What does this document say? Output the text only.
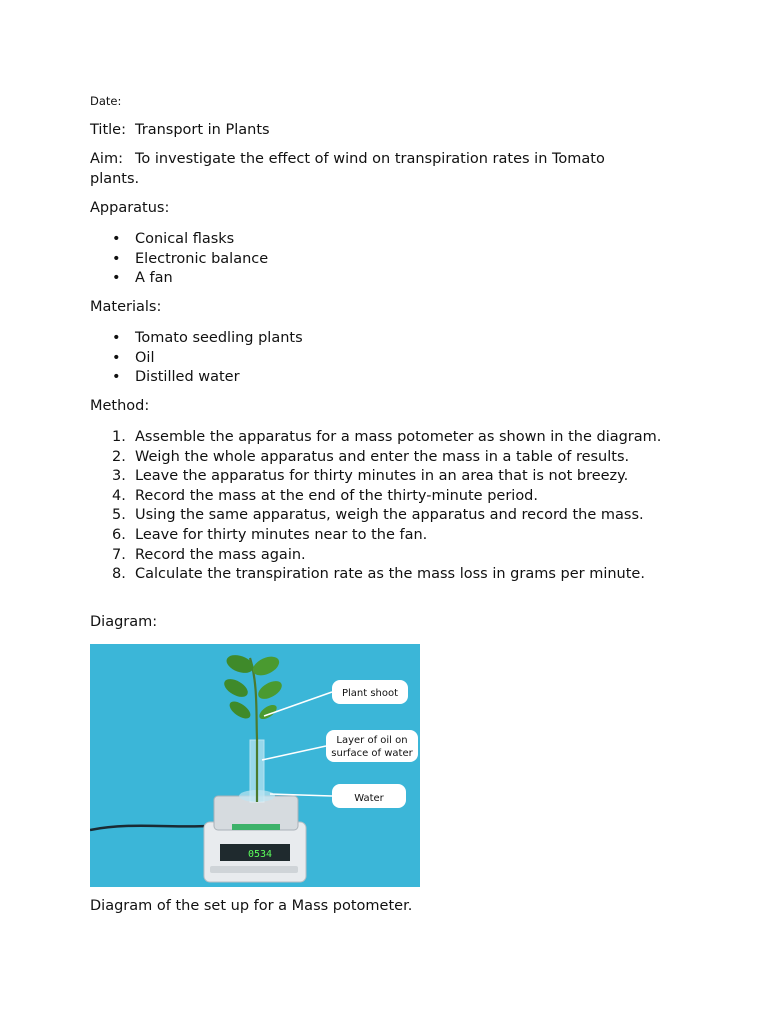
Date:
Title: Transport in Plants
Aim: To investigate the effect of wind on transpiration rates in Tomato plants.
Apparatus:
• Conical flasks
• Electronic balance
• A fan
Materials:
• Tomato seedling plants
• Oil
• Distilled water
Method:
1. Assemble the apparatus for a mass potometer as shown in the diagram.
2. Weigh the whole apparatus and enter the mass in a table of results.
3. Leave the apparatus for thirty minutes in an area that is not breezy.
4. Record the mass at the end of the thirty-minute period.
5. Using the same apparatus, weigh the apparatus and record the mass.
6. Leave for thirty minutes near to the fan.
7. Record the mass again.
8. Calculate the transpiration rate as the mass loss in grams per minute.
Diagram:
0534
Plant shoot
Layer of oil on
surface of water
Water
Diagram of the set up for a Mass potometer.
